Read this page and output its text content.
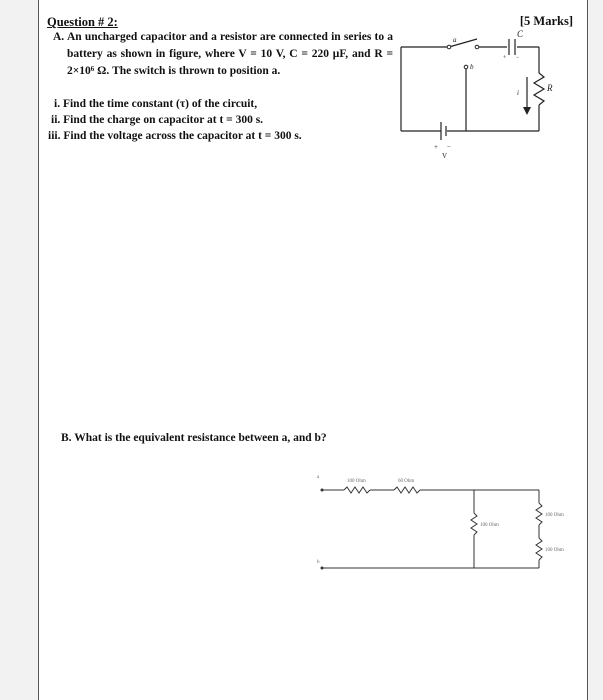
Question # 2:	[5 Marks]
A. An uncharged capacitor and a resistor are connected in series to a battery as shown in figure, where V = 10 V, C = 220 μF, and R = 2×10⁶ Ω. The switch is thrown to position a.
i. Find the time constant (τ) of the circuit,
ii. Find the charge on capacitor at t = 300 s.
iii. Find the voltage across the capacitor at t = 300 s.
a
b
C
R
i
V
+ −
+ −
B. What is the equivalent resistance between a, and b?
a
b
100 Ohm	60 Ohm
100 Ohm
100 Ohm
100 Ohm
